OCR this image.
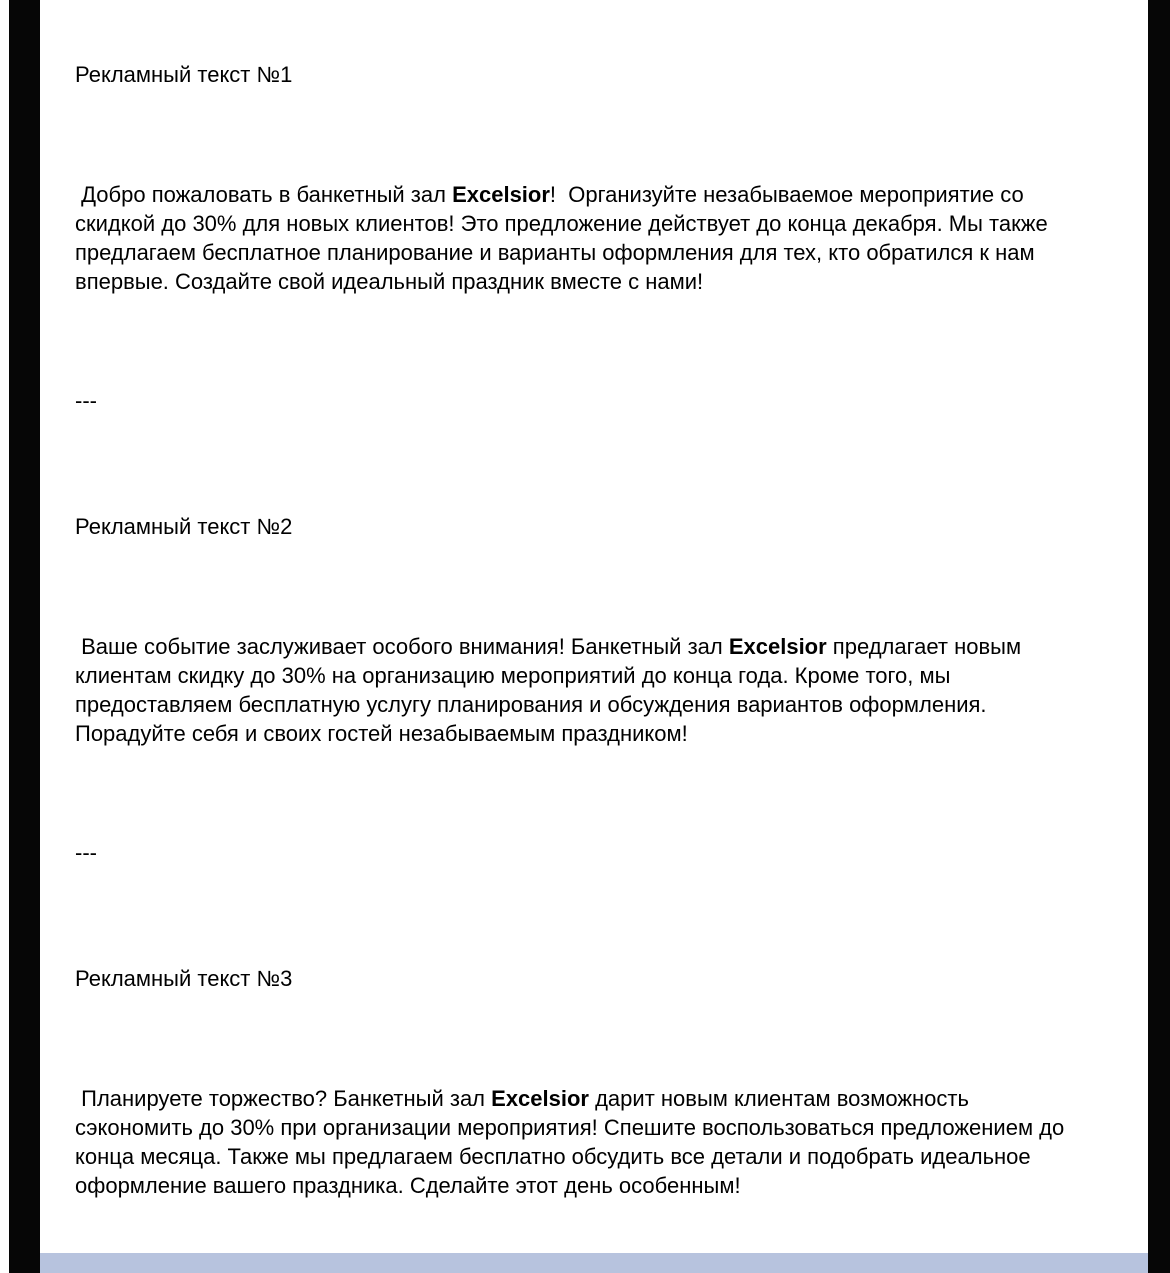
Рекламный текст №1

Добро пожаловать в банкетный зал Excelsior!  Организуйте незабываемое мероприятие со скидкой до 30% для новых клиентов! Это предложение действует до конца декабря. Мы также предлагаем бесплатное планирование и варианты оформления для тех, кто обратился к нам впервые. Создайте свой идеальный праздник вместе с нами!

---
Рекламный текст №2

Ваше событие заслуживает особого внимания! Банкетный зал Excelsior предлагает новым клиентам скидку до 30% на организацию мероприятий до конца года. Кроме того, мы предоставляем бесплатную услугу планирования и обсуждения вариантов оформления. Порадуйте себя и своих гостей незабываемым праздником!

---
Рекламный текст №3

Планируете торжество? Банкетный зал Excelsior дарит новым клиентам возможность сэкономить до 30% при организации мероприятия! Спешите воспользоваться предложением до конца месяца. Также мы предлагаем бесплатно обсудить все детали и подобрать идеальное оформление вашего праздника. Сделайте этот день особенным!
